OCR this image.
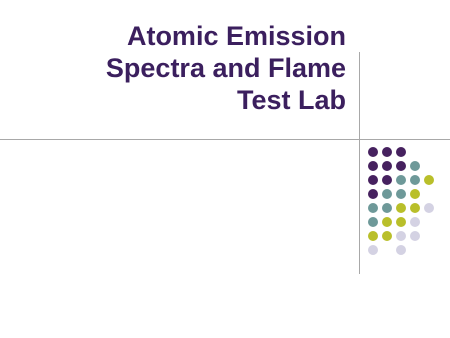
Atomic Emission
Spectra and Flame
Test Lab
